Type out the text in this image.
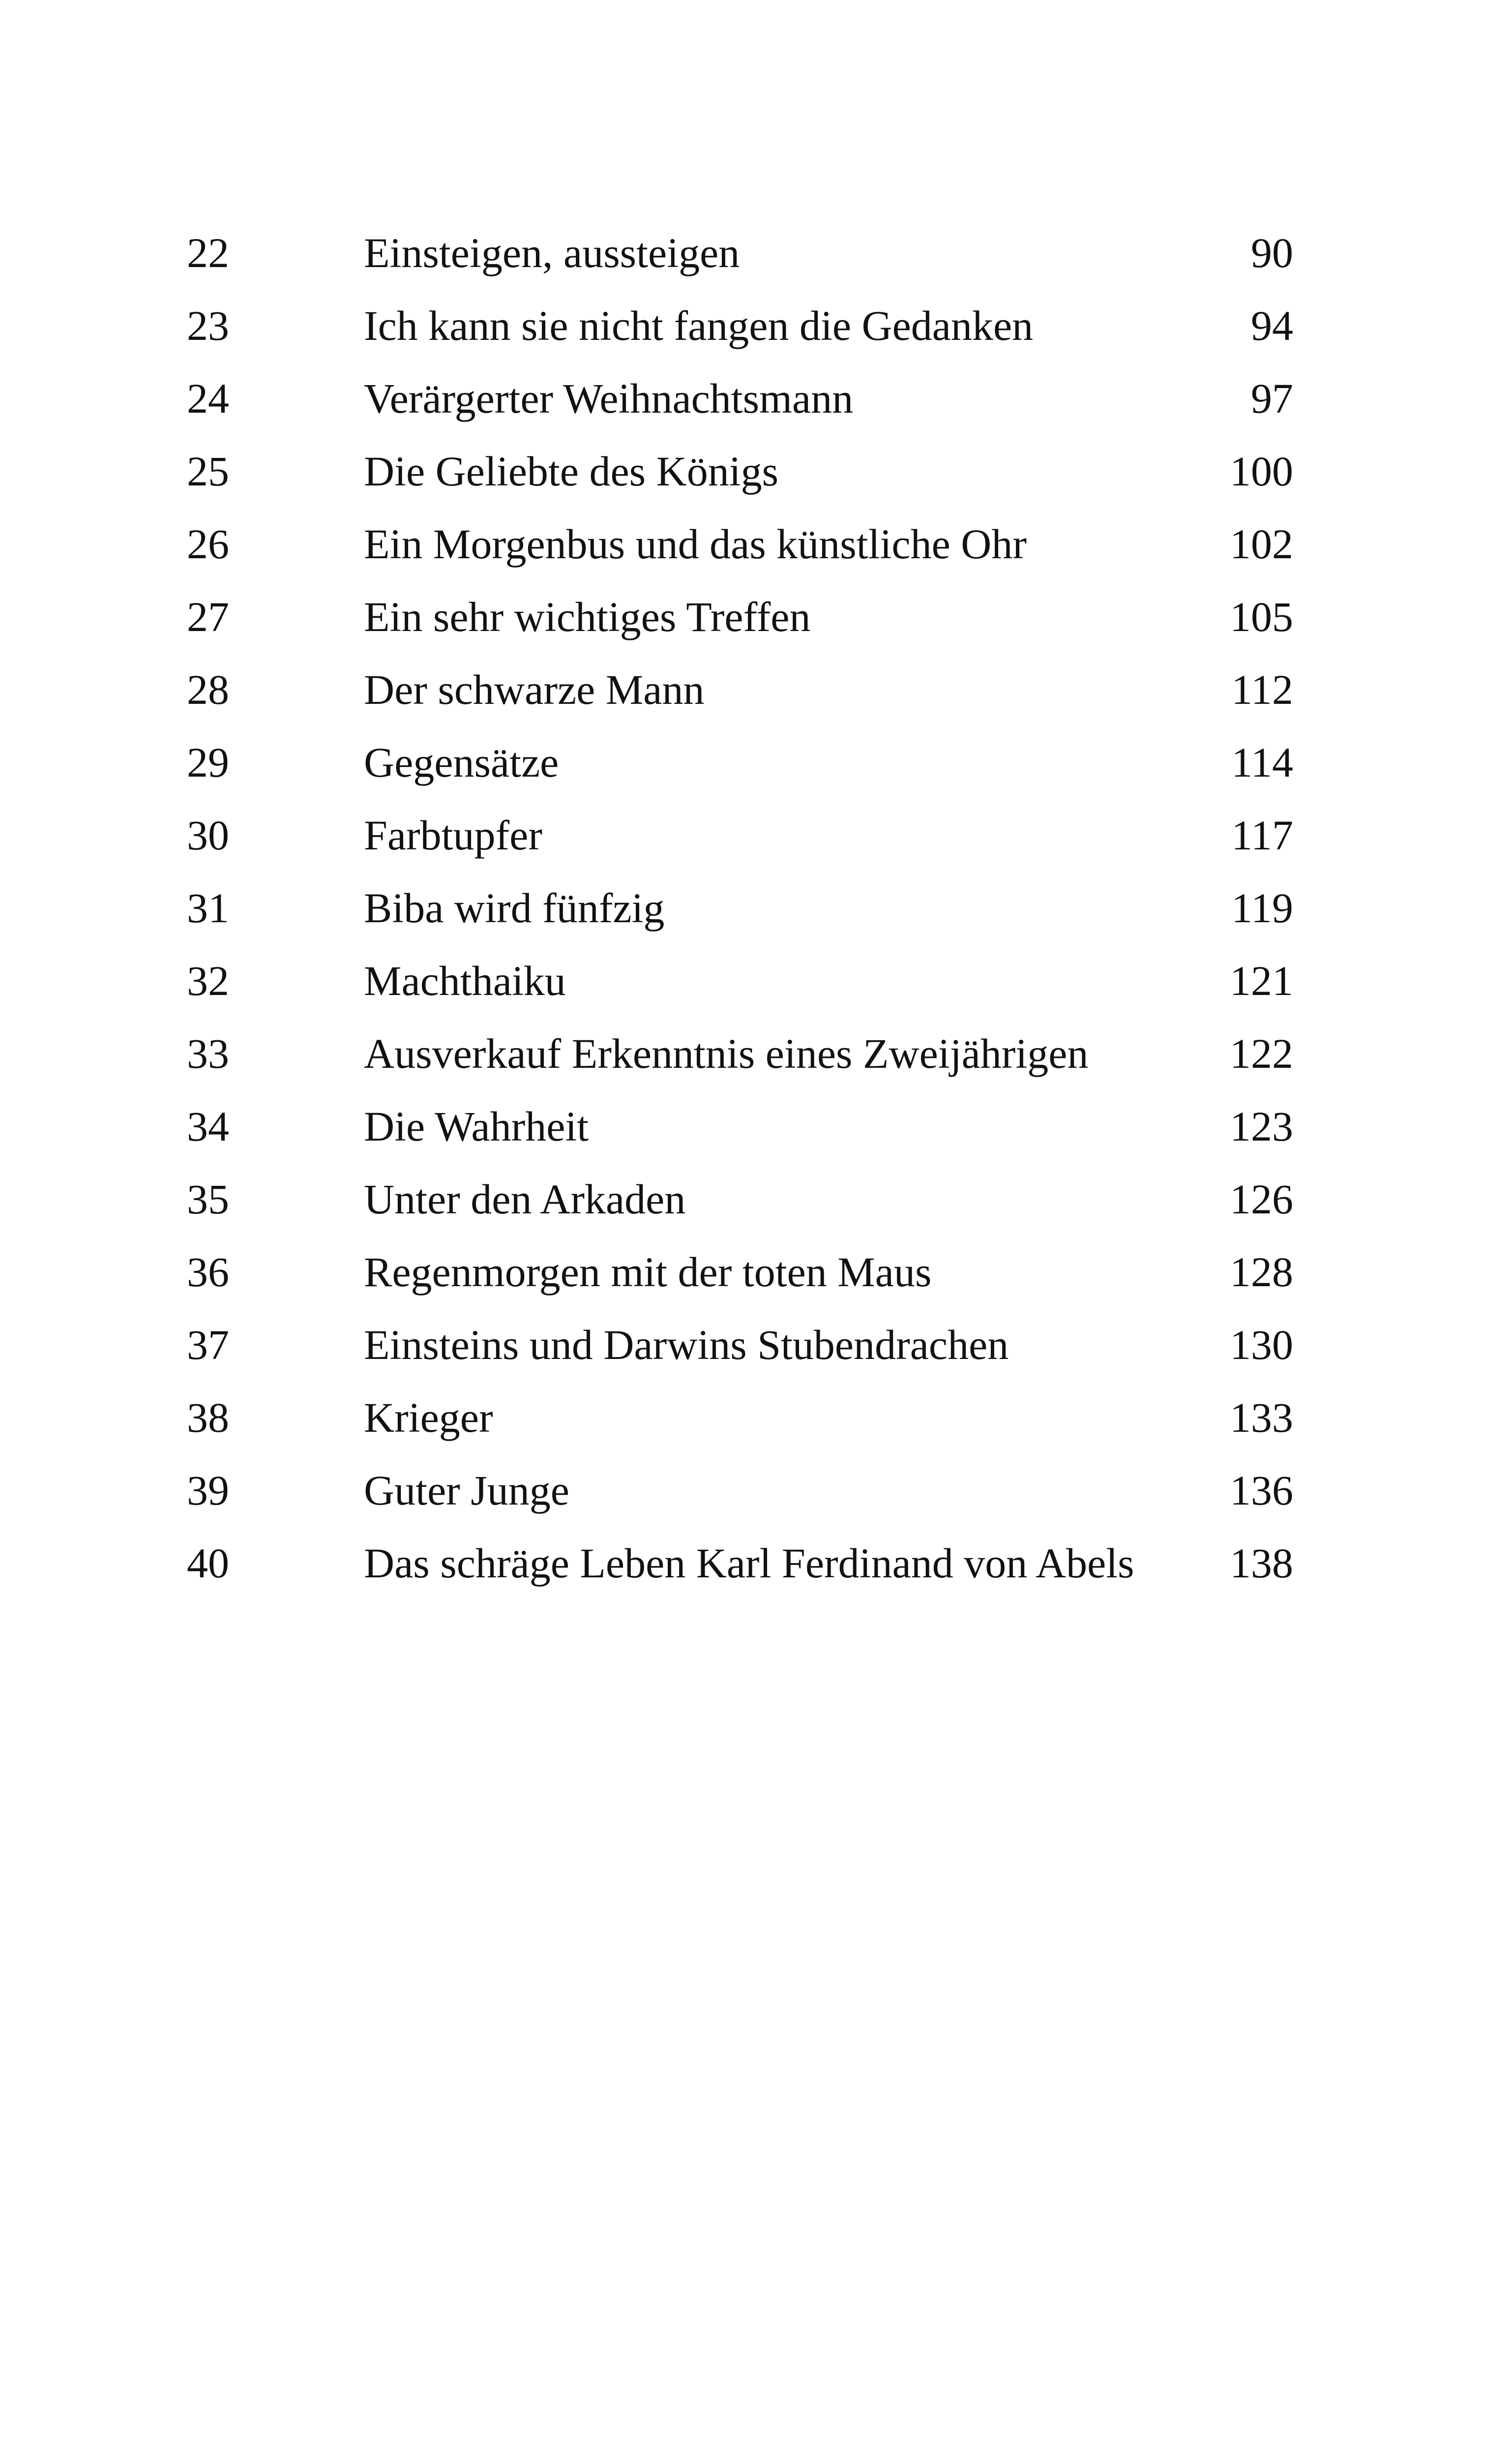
22	Einsteigen, aussteigen	90
23	Ich kann sie nicht fangen die Gedanken	94
24	Verärgerter Weihnachtsmann	97
25	Die Geliebte des Königs	100
26	Ein Morgenbus und das künstliche Ohr	102
27	Ein sehr wichtiges Treffen	105
28	Der schwarze Mann	112
29	Gegensätze	114
30	Farbtupfer	117
31	Biba wird fünfzig	119
32	Machthaiku	121
33	Ausverkauf Erkenntnis eines Zweijährigen	122
34	Die Wahrheit	123
35	Unter den Arkaden	126
36	Regenmorgen mit der toten Maus	128
37	Einsteins und Darwins Stubendrachen	130
38	Krieger	133
39	Guter Junge	136
40	Das schräge Leben Karl Ferdinand von Abels 138
